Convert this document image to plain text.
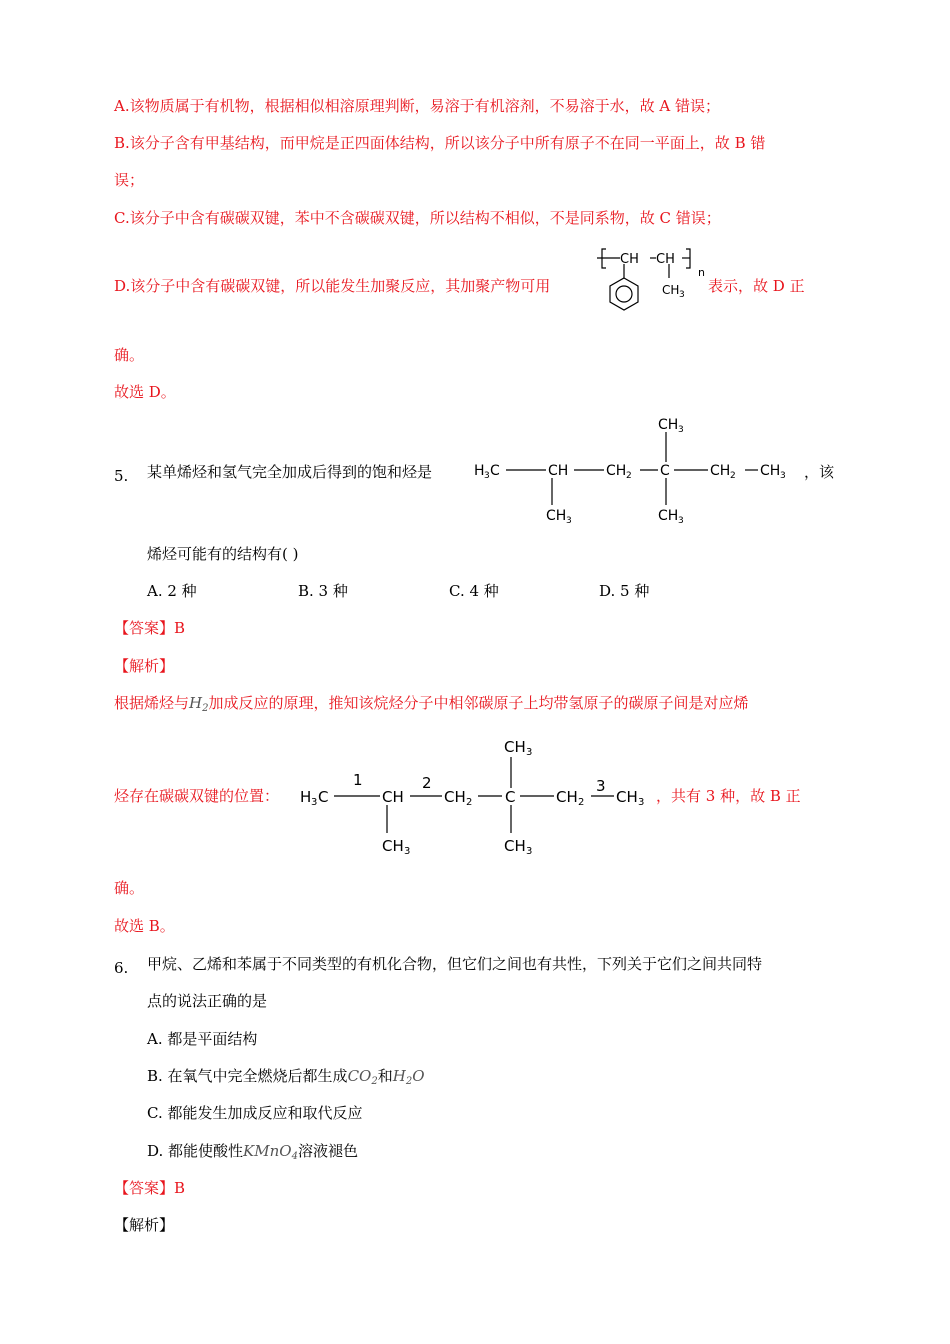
A.该物质属于有机物，根据相似相溶原理判断，易溶于有机溶剂，不易溶于水，故 A 错误；
B.该分子含有甲基结构，而甲烷是正四面体结构，所以该分子中所有原子不在同一平面上，故 B 错
误；
C.该分子中含有碳碳双键，苯中不含碳碳双键，所以结构不相似，不是同系物，故 C 错误；
D.该分子中含有碳碳双键，所以能发生加聚反应，其加聚产物可用
CH CH
CH 3
n
表示，故 D 正
确。
故选 D。
5. 某单烯烃和氢气完全加成后得到的饱和烃是	H 3 C	CH	CH 2 C	CH 2 CH 3
CH 3
CH 3	CH 3
，该
烯烃可能有的结构有( )
A. 2 种	B. 3 种	C. 4 种	D. 5 种
【答案】B
【解析】
根据烯烃与$H_2$加成反应的原理，推知该烷烃分子中相邻碳原子上均带氢原子的碳原子间是对应烯
烃存在碳碳双键的位置： H 3 C	CH	CH 2 C	CH 2 CH 3
CH 3
CH 3	CH 3
1	2	3
，共有 3 种，故 B 正
确。
故选 B。
6. 甲烷、乙烯和苯属于不同类型的有机化合物，但它们之间也有共性，下列关于它们之间共同特
点的说法正确的是
A. 都是平面结构
B. 在氧气中完全燃烧后都生成$CO_2$和$H_2O$
C. 都能发生加成反应和取代反应
D. 都能使酸性KMnO$_4$溶液褪色
【答案】B
【解析】
